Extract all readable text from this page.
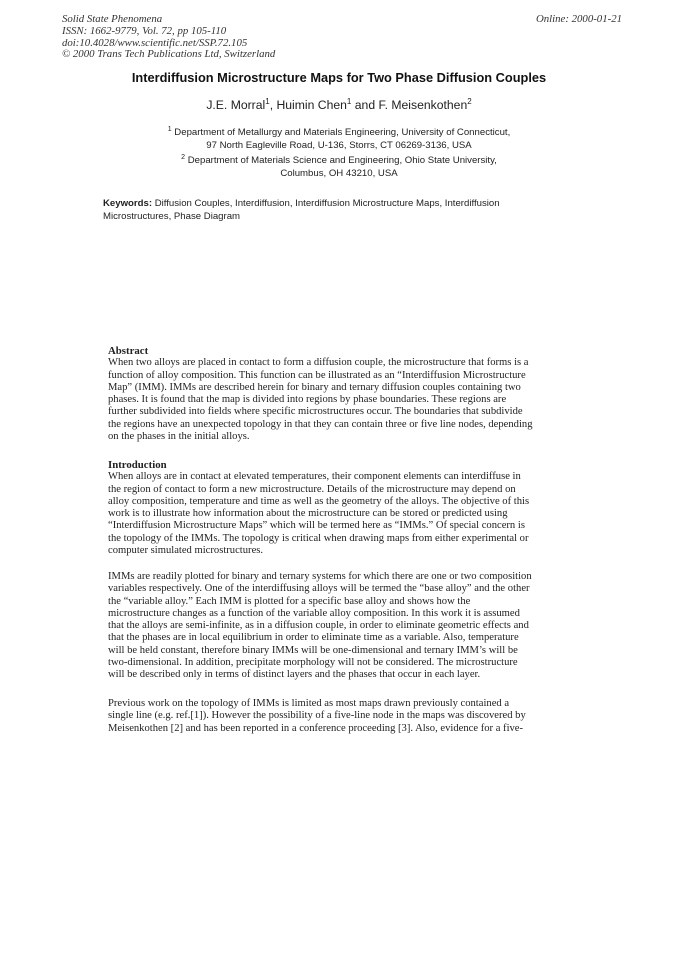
Solid State Phenomena
ISSN: 1662-9779, Vol. 72, pp 105-110
doi:10.4028/www.scientific.net/SSP.72.105
© 2000 Trans Tech Publications Ltd, Switzerland
Online: 2000-01-21
Interdiffusion Microstructure Maps for Two Phase Diffusion Couples
J.E. Morral$^1$, Huimin Chen$^1$ and F. Meisenkothen$^2$
$^1$ Department of Metallurgy and Materials Engineering, University of Connecticut,
97 North Eagleville Road, U-136, Storrs, CT 06269-3136, USA
$^2$ Department of Materials Science and Engineering, Ohio State University,
Columbus, OH 43210, USA
Keywords: Diffusion Couples, Interdiffusion, Interdiffusion Microstructure Maps, Interdiffusion
Microstructures, Phase Diagram
Abstract
When two alloys are placed in contact to form a diffusion couple, the microstructure that forms is a
function of alloy composition. This function can be illustrated as an “Interdiffusion Microstructure
Map” (IMM). IMMs are described herein for binary and ternary diffusion couples containing two
phases. It is found that the map is divided into regions by phase boundaries. These regions are
further subdivided into fields where specific microstructures occur. The boundaries that subdivide
the regions have an unexpected topology in that they can contain three or five line nodes, depending
on the phases in the initial alloys.
Introduction
When alloys are in contact at elevated temperatures, their component elements can interdiffuse in
the region of contact to form a new microstructure. Details of the microstructure may depend on
alloy composition, temperature and time as well as the geometry of the alloys. The objective of this
work is to illustrate how information about the microstructure can be stored or predicted using
“Interdiffusion Microstructure Maps” which will be termed here as “IMMs.” Of special concern is
the topology of the IMMs. The topology is critical when drawing maps from either experimental or
computer simulated microstructures.
IMMs are readily plotted for binary and ternary systems for which there are one or two composition
variables respectively. One of the interdiffusing alloys will be termed the “base alloy” and the other
the “variable alloy.” Each IMM is plotted for a specific base alloy and shows how the
microstructure changes as a function of the variable alloy composition. In this work it is assumed
that the alloys are semi-infinite, as in a diffusion couple, in order to eliminate geometric effects and
that the phases are in local equilibrium in order to eliminate time as a variable. Also, temperature
will be held constant, therefore binary IMMs will be one-dimensional and ternary IMM’s will be
two-dimensional. In addition, precipitate morphology will not be considered. The microstructure
will be described only in terms of distinct layers and the phases that occur in each layer.
Previous work on the topology of IMMs is limited as most maps drawn previously contained a
single line (e.g. ref.[1]). However the possibility of a five-line node in the maps was discovered by
Meisenkothen [2] and has been reported in a conference proceeding [3]. Also, evidence for a five-
